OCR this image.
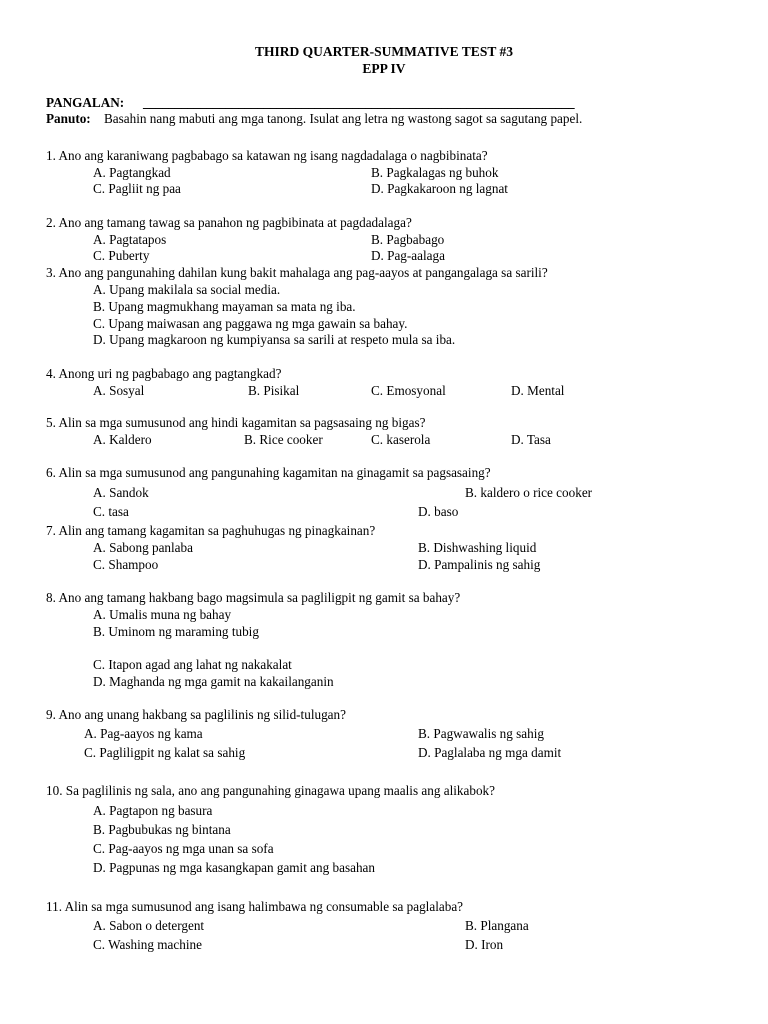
THIRD QUARTER-SUMMATIVE TEST #3
EPP IV
PANGALAN: ____________________________________________________________________
Panuto: Basahin nang mabuti ang mga tanong. Isulat ang letra ng wastong sagot sa sagutang papel.
1. Ano ang karaniwang pagbabago sa katawan ng isang nagdadalaga o nagbibinata?
A. Pagtangkad	B. Pagkalagas ng buhok
C. Pagliit ng paa	D. Pagkakaroon ng lagnat
2. Ano ang tamang tawag sa panahon ng pagbibinata at pagdadalaga?
A. Pagtatapos	B. Pagbabago
C. Puberty	D. Pag-aalaga
3. Ano ang pangunahing dahilan kung bakit mahalaga ang pag-aayos at pangangalaga sa sarili?
A. Upang makilala sa social media.
B. Upang magmukhang mayaman sa mata ng iba.
C. Upang maiwasan ang paggawa ng mga gawain sa bahay.
D. Upang magkaroon ng kumpiyansa sa sarili at respeto mula sa iba.
4. Anong uri ng pagbabago ang pagtangkad?
A. Sosyal	B. Pisikal	C. Emosyonal	D. Mental
5. Alin sa mga sumusunod ang hindi kagamitan sa pagsasaing ng bigas?
A. Kaldero	B. Rice cooker	C. kaserola	D. Tasa
6. Alin sa mga sumusunod ang pangunahing kagamitan na ginagamit sa pagsasaing?
A. Sandok	B. kaldero o rice cooker
C. tasa	D. baso
7. Alin ang tamang kagamitan sa paghuhugas ng pinagkainan?
A. Sabong panlaba	B. Dishwashing liquid
C. Shampoo	D. Pampalinis ng sahig
8. Ano ang tamang hakbang bago magsimula sa pagliligpit ng gamit sa bahay?
A. Umalis muna ng bahay
B. Uminom ng maraming tubig
C. Itapon agad ang lahat ng nakakalat
D. Maghanda ng mga gamit na kakailanganin
9. Ano ang unang hakbang sa paglilinis ng silid-tulugan?
A. Pag-aayos ng kama	B. Pagwawalis ng sahig
C. Pagliligpit ng kalat sa sahig	D. Paglalaba ng mga damit
10. Sa paglilinis ng sala, ano ang pangunahing ginagawa upang maalis ang alikabok?
A. Pagtapon ng basura
B. Pagbubukas ng bintana
C. Pag-aayos ng mga unan sa sofa
D. Pagpunas ng mga kasangkapan gamit ang basahan
11. Alin sa mga sumusunod ang isang halimbawa ng consumable sa paglalaba?
A. Sabon o detergent	B. Plangana
C. Washing machine	D. Iron
